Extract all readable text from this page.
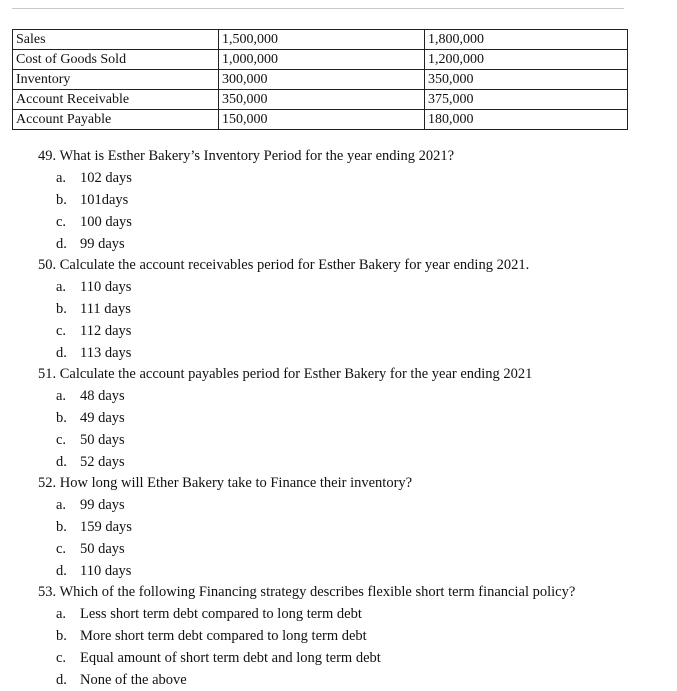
Sales	1,500,000	1,800,000
Cost of Goods Sold	1,000,000	1,200,000
Inventory	300,000	350,000
Account Receivable	350,000	375,000
Account Payable	150,000	180,000
49. What is Esther Bakery’s Inventory Period for the year ending 2021?
a. 102 days
b. 101days
c. 100 days
d. 99 days
50. Calculate the account receivables period for Esther Bakery for year ending 2021.
a. 110 days
b. 111 days
c. 112 days
d. 113 days
51. Calculate the account payables period for Esther Bakery for the year ending 2021
a. 48 days
b. 49 days
c. 50 days
d. 52 days
52. How long will Ether Bakery take to Finance their inventory?
a. 99 days
b. 159 days
c. 50 days
d. 110 days
53. Which of the following Financing strategy describes flexible short term financial policy?
a. Less short term debt compared to long term debt
b. More short term debt compared to long term debt
c. Equal amount of short term debt and long term debt
d. None of the above
